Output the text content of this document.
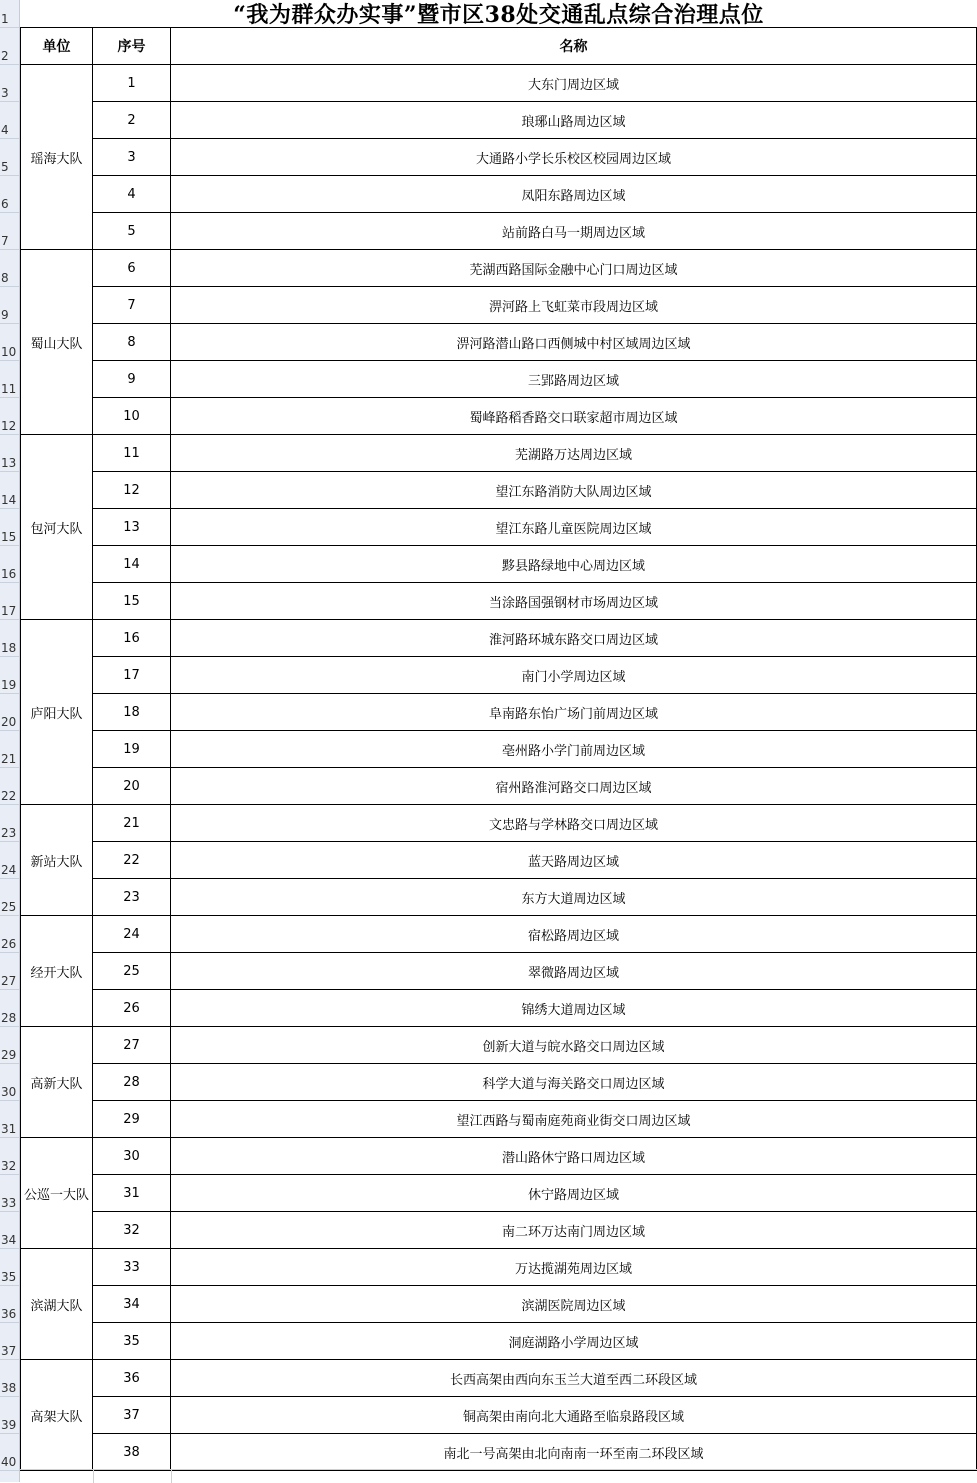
1
2
3
4
5
6
7
8
9
10
11
12
13
14
15
16
17
18
19
20
21
22
23
24
25
26
27
28
29
30
31
32
33
34
35
36
37
38
39
40
“我为群众办实事”暨市区38处交通乱点综合治理点位
单位	序号	名称
瑶海大队	1	大东门周边区域
	2	琅琊山路周边区域
	3	大通路小学长乐校区校园周边区域
	4	凤阳东路周边区域
	5	站前路白马一期周边区域
蜀山大队	6	芜湖西路国际金融中心门口周边区域
	7	淠河路上飞虹菜市段周边区域
	8	淠河路潜山路口西侧城中村区域周边区域
	9	三郢路周边区域
	10	蜀峰路稻香路交口联家超市周边区域
包河大队	11	芜湖路万达周边区域
	12	望江东路消防大队周边区域
	13	望江东路儿童医院周边区域
	14	黟县路绿地中心周边区域
	15	当涂路国强钢材市场周边区域
庐阳大队	16	淮河路环城东路交口周边区域
	17	南门小学周边区域
	18	阜南路东怡广场门前周边区域
	19	亳州路小学门前周边区域
	20	宿州路淮河路交口周边区域
新站大队	21	文忠路与学林路交口周边区域
	22	蓝天路周边区域
	23	东方大道周边区域
经开大队	24	宿松路周边区域
	25	翠微路周边区域
	26	锦绣大道周边区域
高新大队	27	创新大道与皖水路交口周边区域
	28	科学大道与海关路交口周边区域
	29	望江西路与蜀南庭苑商业街交口周边区域
公巡一大队	30	潜山路休宁路口周边区域
	31	休宁路周边区域
	32	南二环万达南门周边区域
滨湖大队	33	万达揽湖苑周边区域
	34	滨湖医院周边区域
	35	洞庭湖路小学周边区域
高架大队	36	长西高架由西向东玉兰大道至西二环段区域
	37	铜高架由南向北大通路至临泉路段区域
	38	南北一号高架由北向南南一环至南二环段区域
